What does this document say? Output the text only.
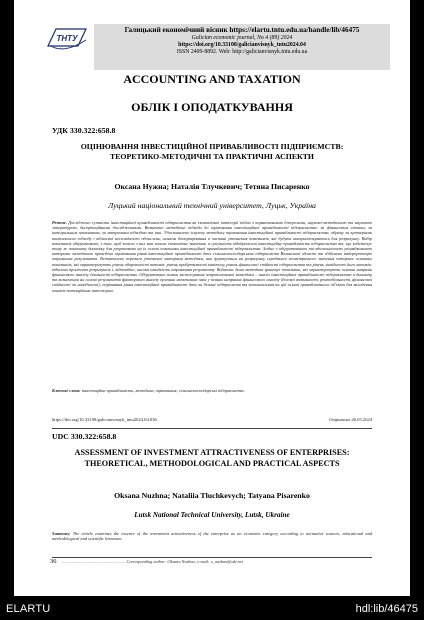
ТНТУ
Галицький економічний вісник https://elartu.tntu.edu.ua/handle/lib/46475
Galician economic journal, No 4 (89) 2024
https://doi.org/10.33108/galicianvisnyk_tntu2024.04
ISSN 2409-8892. Web: http://galicianvisnyk.tntu.edu.ua
ACCOUNTING AND TAXATION
ОБЛІК І ОПОДАТКУВАННЯ
УДК 330.322:658.8
ОЦІНЮВАННЯ ІНВЕСТИЦІЙНОЇ ПРИВАБЛИВОСТІ ПІДПРИЄМСТВ: ТЕОРЕТИКО-МЕТОДИЧНІ ТА ПРАКТИЧНІ АСПЕКТИ
Оксана Нужна; Наталія Тлучкевич; Тетяна Писаренко
Луцький національний технічний університет, Луцьк, Україна
Резюме. Досліджено сутність інвестиційної привабливості підприємства як економічної категорії згідно з нормативними джерелами, науково-методичною та науковою літературою, дисертаційними дослідженнями. Визначено методичні підходи до оцінювання інвестиційної привабливості підприємства: за фінансовим станом, за інтегральним показником, за матричним підходом та інш. Удосконалено існуючу методику оцінювання інвестиційної привабливості підприємства, обрану за критеріями комплексного підходу і відносної нескладності обчислень, шляхом доопрацювання в частині уточнення показників, які будуть використовуватись для розрахунку. Вибір показників обґрунтовано, з тим, щоб кожен з них мав власне економічне значення, а сукупність відображала інвестиційну привабливість підприємства та, що забезпечує тому ж показнику динаміку для розраховано на їх основі показника інвестиційної привабливості підприємства. Згідно з обґрунтованою та вдосконаленою упорядкованою авторами методикою проведено оцінювання рівня інвестиційної привабливості двох сільськогосподарських підприємств Волинської області та здійснено інтерпретацію отриманих результатів. Встановлено переваги уточненої авторами методики, яка ґрунтується на розрахунку середнього геометричного значення чотирьох основних показників, які характеризують рівень оборотності активів, рівень прибутковості капіталу, рівень фінансової стійкості підприємства та рівень ліквідності його активів: відносна простота розрахунків і, відповідно, висока швидкість отримання результату. Водночас дана методика враховує показники, які характеризують основні напрями фінансового аналізу діяльності підприємства. Обґрунтовано шляхи застосування запропонованої методики – аналіз інвестиційної привабливості підприємства в динаміці та визначення на основі результатів факторного аналізу причини негативних змін у певних напрямах фінансового аналізу (ділової активності, рентабельності, фінансової стійкості чи ліквідності); порівняння рівня інвестиційної привабливості двох чи більше підприємств та встановлення на цій основі привабливішого об'єкта для вкладення коштів потенційним інвестором.
Ключові слова: інвестиційна привабливість, методика, оцінювання, сільськогосподарські підприємства.
https://doi.org/10.33108/galicianvisnyk_tntu2024.04.036	Отримано 26.03.2024
UDC 330.322:658.8
ASSESSMENT OF INVESTMENT ATTRACTIVENESS OF ENTERPRISES: THEORETICAL, METHODOLOGICAL AND PRACTICAL ASPECTS
Oksana Nuzhna; Nataliia Tluchkevych; Tatyana Pisarenko
Lutsk National Technical University, Lutsk, Ukraine
Summary. The article examines the essence of the investment attractiveness of the enterprise as an economic category according to normative sources, educational and methodological and scientific literature,
36 ........................................................... Corresponding author: Oksana Nuzhna; e-mail: o_nuzhna@ukr.net
ELARTU	hdl:lib/46475
